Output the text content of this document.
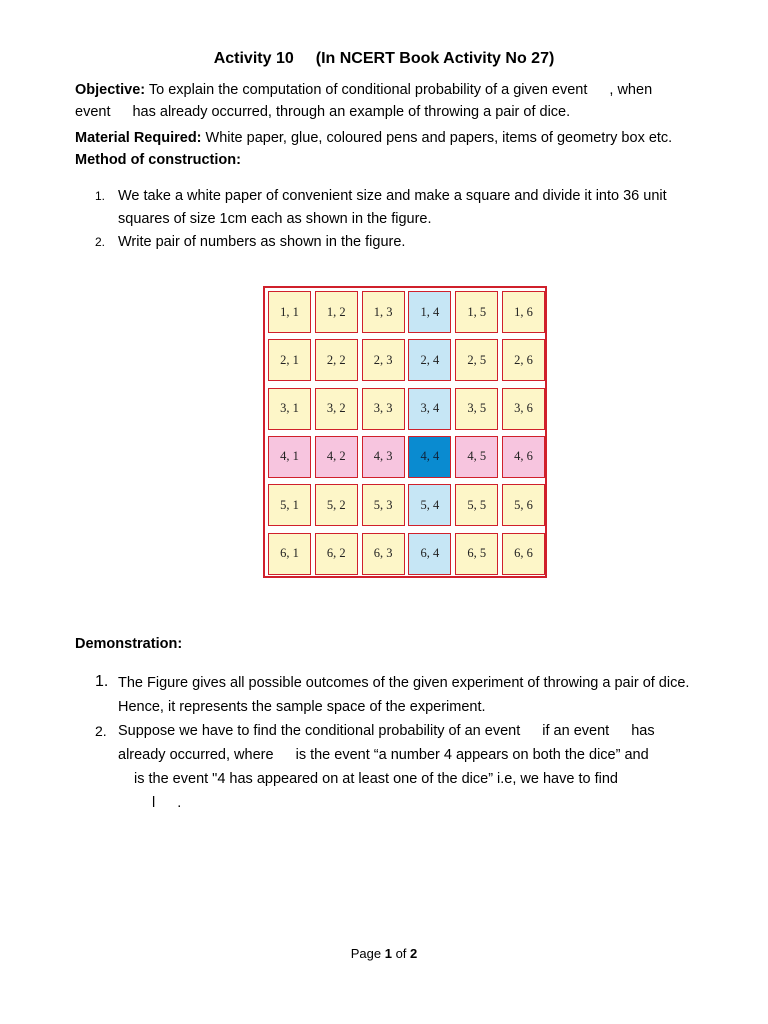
Activity 10 (In NCERT Book Activity No 27)
Objective: To explain the computation of conditional probability of a given event , when
event has already occurred, through an example of throwing a pair of dice.
Material Required: White paper, glue, coloured pens and papers, items of geometry box etc.
Method of construction:
1. We take a white paper of convenient size and make a square and divide it into 36 unit squares of size 1cm each as shown in the figure.
2. Write pair of numbers as shown in the figure.
1, 1	1, 2	1, 3	1, 4	1, 5	1, 6
2, 1	2, 2	2, 3	2, 4	2, 5	2, 6
3, 1	3, 2	3, 3	3, 4	3, 5	3, 6
4, 1	4, 2	4, 3	4, 4	4, 5	4, 6
5, 1	5, 2	5, 3	5, 4	5, 5	5, 6
6, 1	6, 2	6, 3	6, 4	6, 5	6, 6
Demonstration:
1. The Figure gives all possible outcomes of the given experiment of throwing a pair of dice. Hence, it represents the sample space of the experiment.
2. Suppose we have to find the conditional probability of an event if an event has
already occurred, where is the event “a number 4 appears on both the dice” and
is the event "4 has appeared on at least one of the dice” i.e, we have to find
l .
Page 1 of 2
